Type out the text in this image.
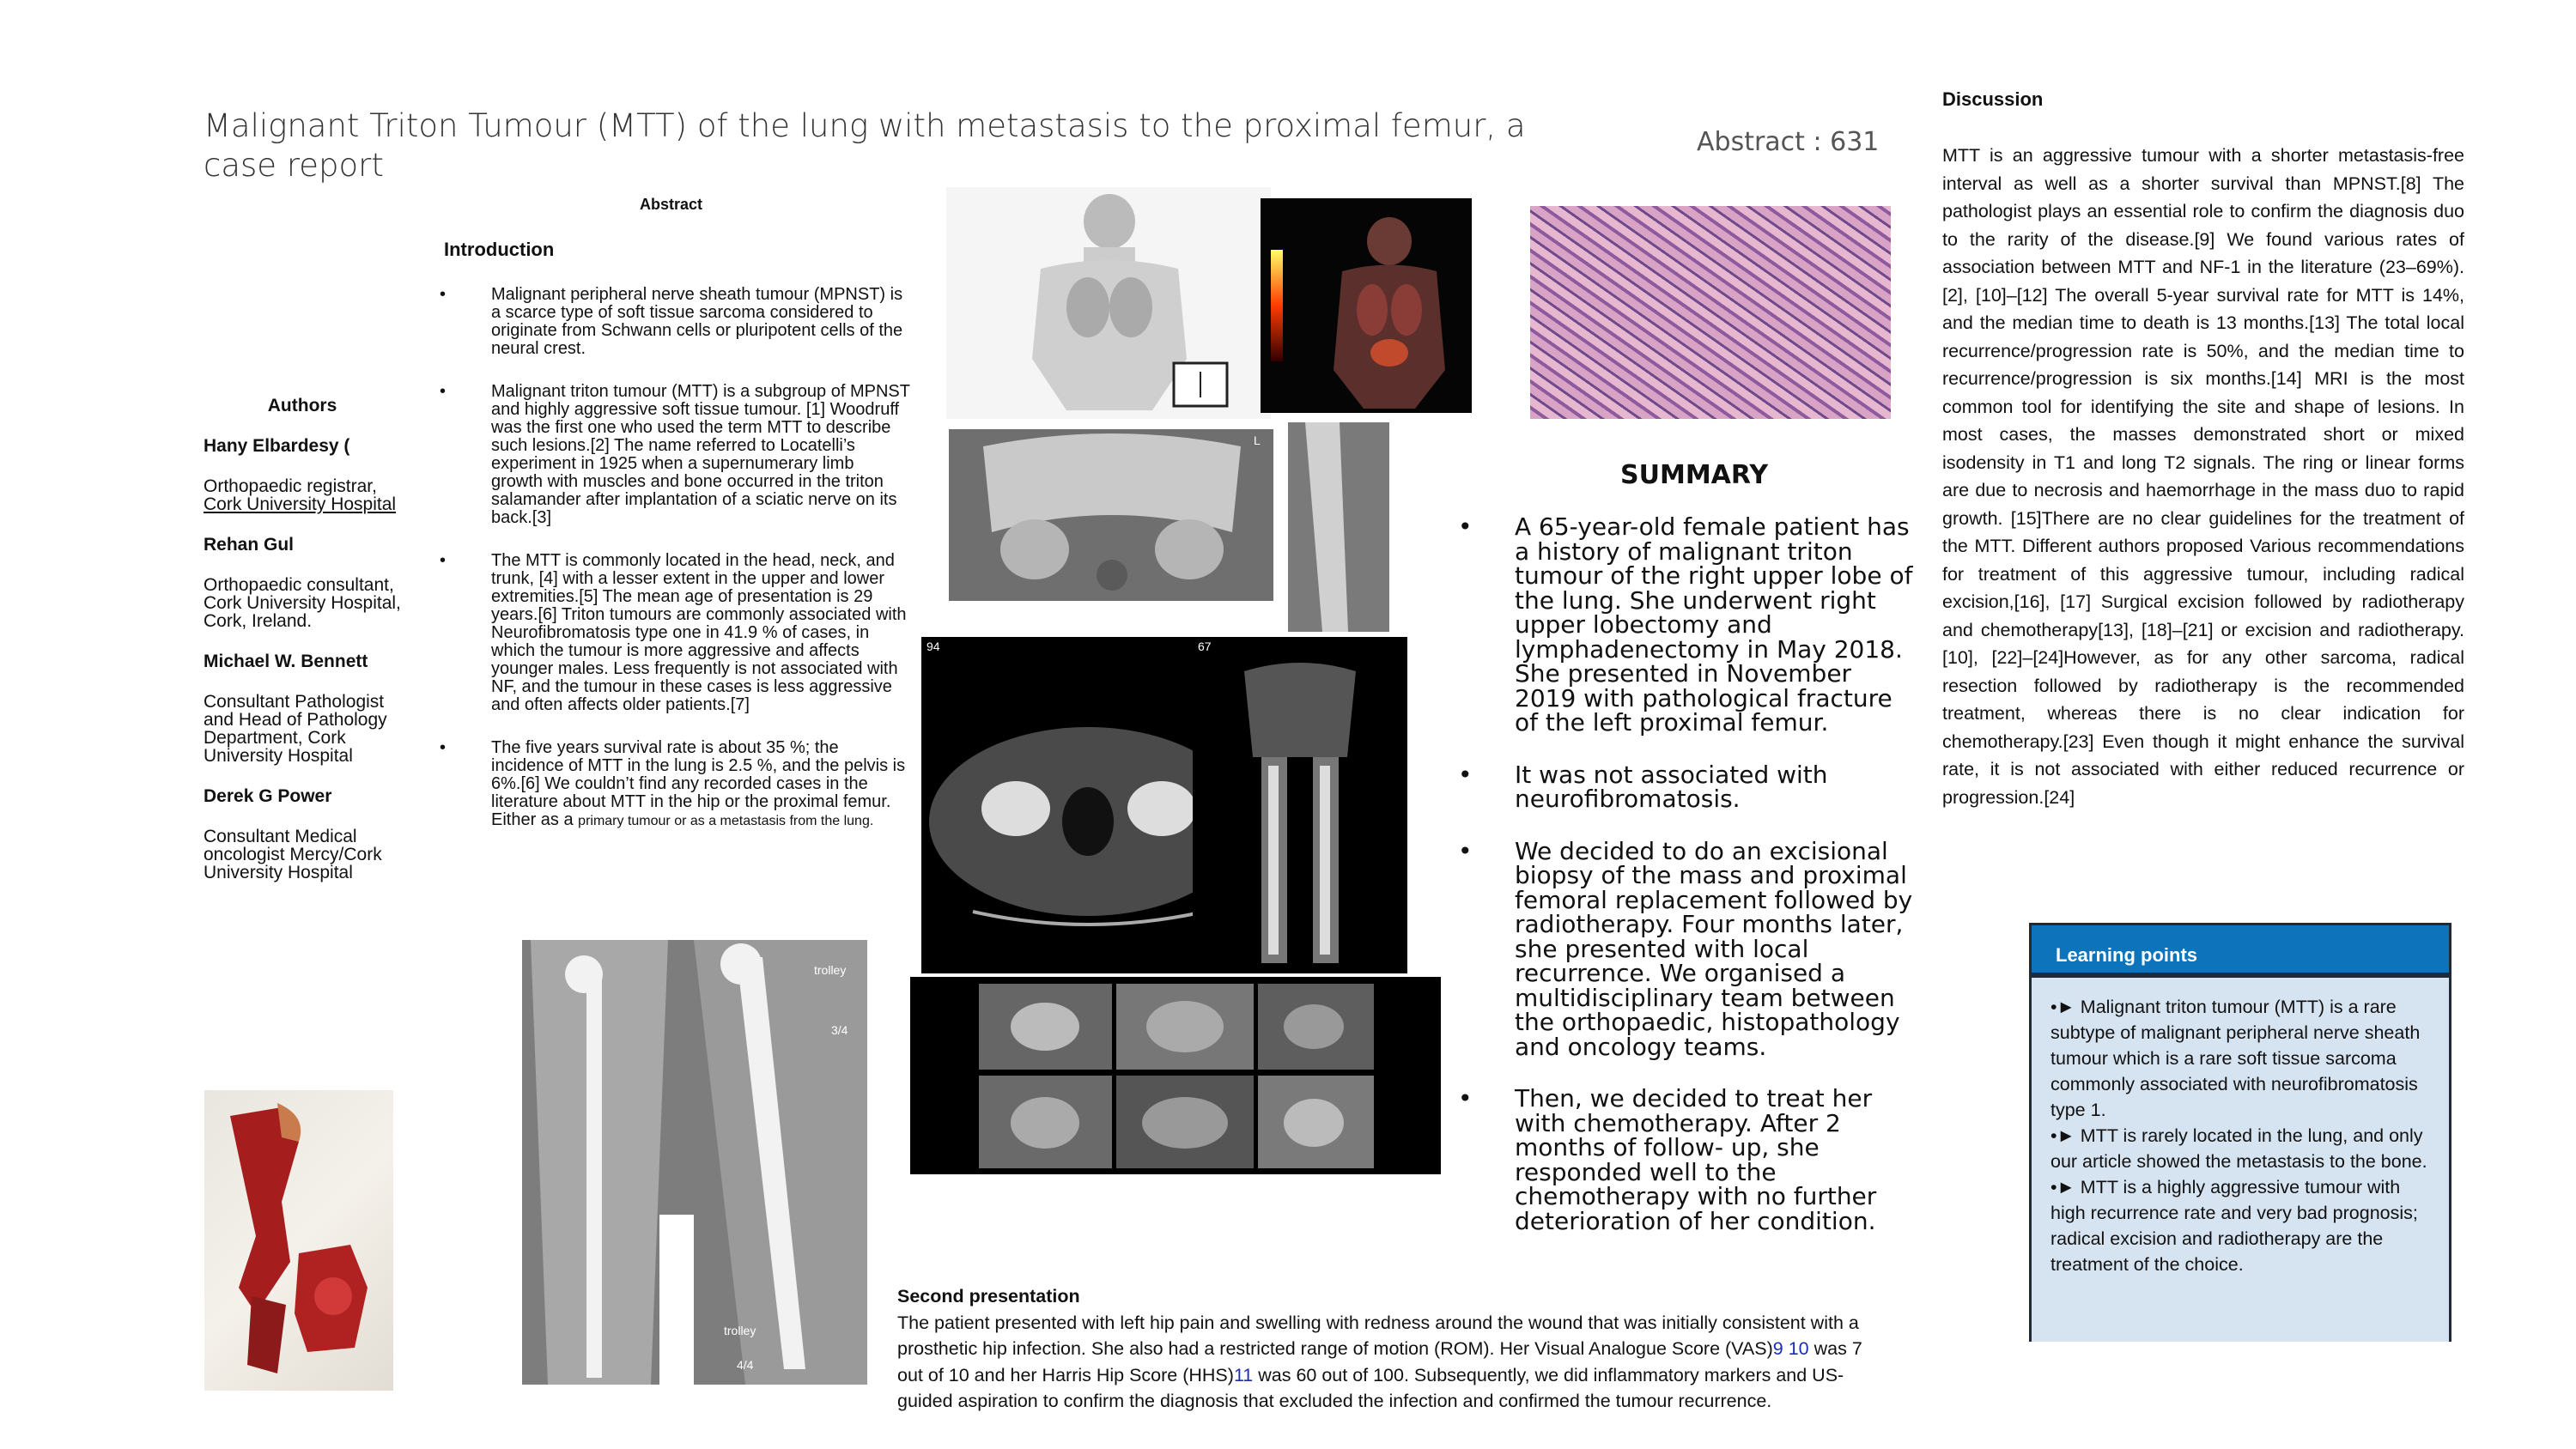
Malignant Triton Tumour (MTT) of the lung with metastasis to the proximal femur, a case report
Abstract : 631
Abstract
Introduction
• Malignant peripheral nerve sheath tumour (MPNST) is a scarce type of soft tissue sarcoma considered to originate from Schwann cells or pluripotent cells of the neural crest.
• Malignant triton tumour (MTT) is a subgroup of MPNST and highly aggressive soft tissue tumour. [1] Woodruff was the first one who used the term MTT to describe such lesions.[2] The name referred to Locatelli’s experiment in 1925 when a supernumerary limb growth with muscles and bone occurred in the triton salamander after implantation of a sciatic nerve on its back.[3]
• The MTT is commonly located in the head, neck, and trunk, [4] with a lesser extent in the upper and lower extremities.[5] The mean age of presentation is 29 years.[6] Triton tumours are commonly associated with Neurofibromatosis type one in 41.9 % of cases, in which the tumour is more aggressive and affects younger males. Less frequently is not associated with NF, and the tumour in these cases is less aggressive and often affects older patients.[7]
• The five years survival rate is about 35 %; the incidence of MTT in the lung is 2.5 %, and the pelvis is 6%.[6] We couldn’t find any recorded cases in the literature about MTT in the hip or the proximal femur. Either as a primary tumour or as a metastasis from the lung.
Authors
Hany Elbardesy (
Orthopaedic registrar, Cork University Hospital
Rehan Gul
Orthopaedic consultant, Cork University Hospital, Cork, Ireland.
Michael W. Bennett
Consultant Pathologist and Head of Pathology Department, Cork University Hospital
Derek G Power
Consultant Medical oncologist Mercy/Cork University Hospital
L
94	67
trolley
3/4
trolley
4/4
SUMMARY
• A 65-year-old female patient has a history of malignant triton tumour of the right upper lobe of the lung. She underwent right upper lobectomy and lymphadenectomy in May 2018. She presented in November 2019 with pathological fracture of the left proximal femur.
• It was not associated with neurofibromatosis.
• We decided to do an excisional biopsy of the mass and proximal femoral replacement followed by radiotherapy. Four months later, she presented with local recurrence. We organised a multidisciplinary team between the orthopaedic, histopathology and oncology teams.
• Then, we decided to treat her with chemotherapy. After 2 months of follow- up, she responded well to the chemotherapy with no further deterioration of her condition.
Discussion
MTT is an aggressive tumour with a shorter metastasis-free interval as well as a shorter survival than MPNST.[8] The pathologist plays an essential role to confirm the diagnosis duo to the rarity of the disease.[9] We found various rates of association between MTT and NF-1 in the literature (23–69%).[2], [10]–[12] The overall 5-year survival rate for MTT is 14%, and the median time to death is 13 months.[13] The total local recurrence/progression rate is 50%, and the median time to recurrence/progression is six months.[14] MRI is the most common tool for identifying the site and shape of lesions. In most cases, the masses demonstrated short or mixed isodensity in T1 and long T2 signals. The ring or linear forms are due to necrosis and haemorrhage in the mass duo to rapid growth. [15]There are no clear guidelines for the treatment of the MTT. Different authors proposed Various recommendations for treatment of this aggressive tumour, including radical excision,[16], [17] Surgical excision followed by radiotherapy and chemotherapy[13], [18]–[21] or excision and radiotherapy. [10], [22]–[24]However, as for any other sarcoma, radical resection followed by radiotherapy is the recommended treatment, whereas there is no clear indication for chemotherapy.[23] Even though it might enhance the survival rate, it is not associated with either reduced recurrence or progression.[24]
Learning points
•► Malignant triton tumour (MTT) is a rare subtype of malignant peripheral nerve sheath tumour which is a rare soft tissue sarcoma commonly associated with neurofibromatosis type 1.
•► MTT is rarely located in the lung, and only our article showed the metastasis to the bone.
•► MTT is a highly aggressive tumour with high recurrence rate and very bad prognosis; radical excision and radiotherapy are the treatment of the choice.
Second presentation
The patient presented with left hip pain and swelling with redness around the wound that was initially consistent with a prosthetic hip infection. She also had a restricted range of motion (ROM). Her Visual Analogue Score (VAS)9 10 was 7 out of 10 and her Harris Hip Score (HHS)11 was 60 out of 100. Subsequently, we did inflammatory markers and US-guided aspiration to confirm the diagnosis that excluded the infection and confirmed the tumour recurrence.
